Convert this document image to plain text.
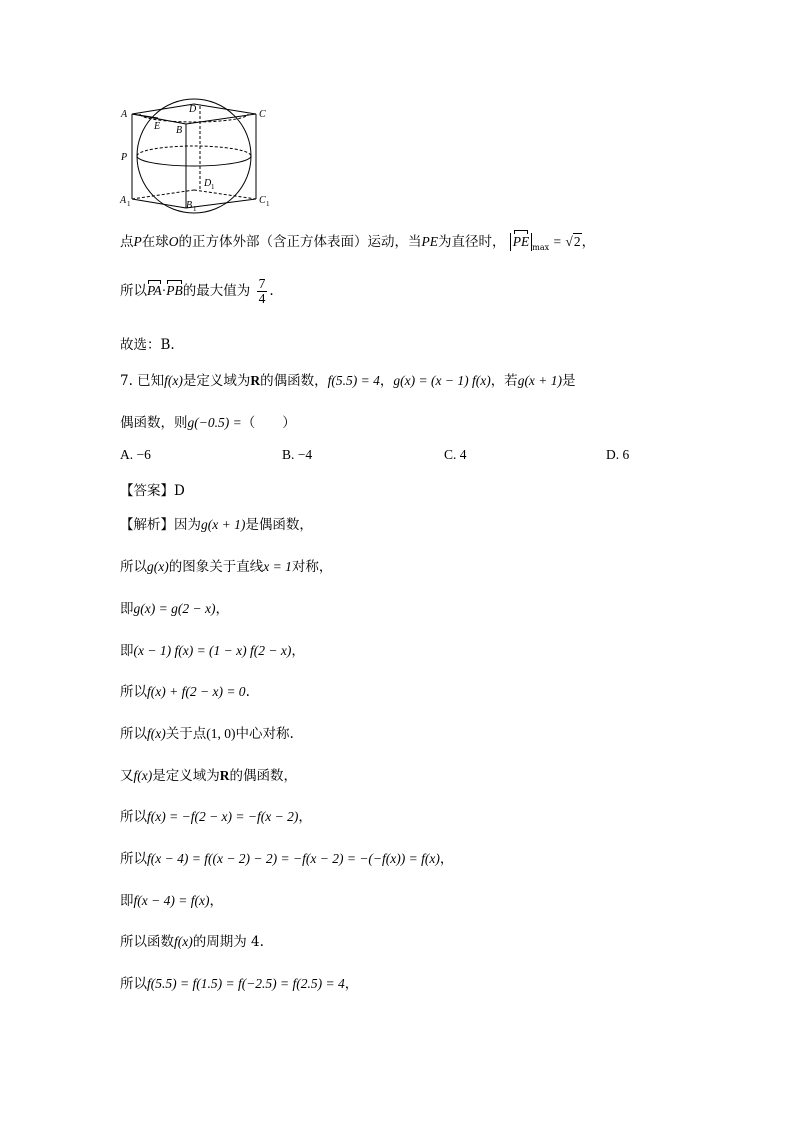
A	D	C
E B
P
D 1
A 1	B 1
C 1
点P在球O的正方体外部（含正方体表面）运动，当PE为直径时， PE $_{max}$ = √2，
所以PA·PB的最大值为 $\frac{7}{4}$ .
故选：B.
7. 已知f(x)是定义域为R的偶函数，f(5.5) = 4，g(x) = (x − 1) f(x)，若g(x + 1)是
偶函数，则g(−0.5) =（　　）
A. −6	B. −4	C. 4	D. 6
【答案】D
【解析】因为g(x + 1)是偶函数，
所以g(x)的图象关于直线x = 1对称，
即g(x) = g(2 − x)，
即(x − 1) f(x) = (1 − x) f(2 − x)，
所以f(x) + f(2 − x) = 0.
所以f(x)关于点(1, 0)中心对称.
又f(x)是定义域为R的偶函数，
所以f(x) = −f(2 − x) = −f(x − 2)，
所以f(x − 4) = f((x − 2) − 2) = −f(x − 2) = −(−f(x)) = f(x)，
即f(x − 4) = f(x)，
所以函数f(x)的周期为 4.
所以f(5.5) = f(1.5) = f(−2.5) = f(2.5) = 4，
